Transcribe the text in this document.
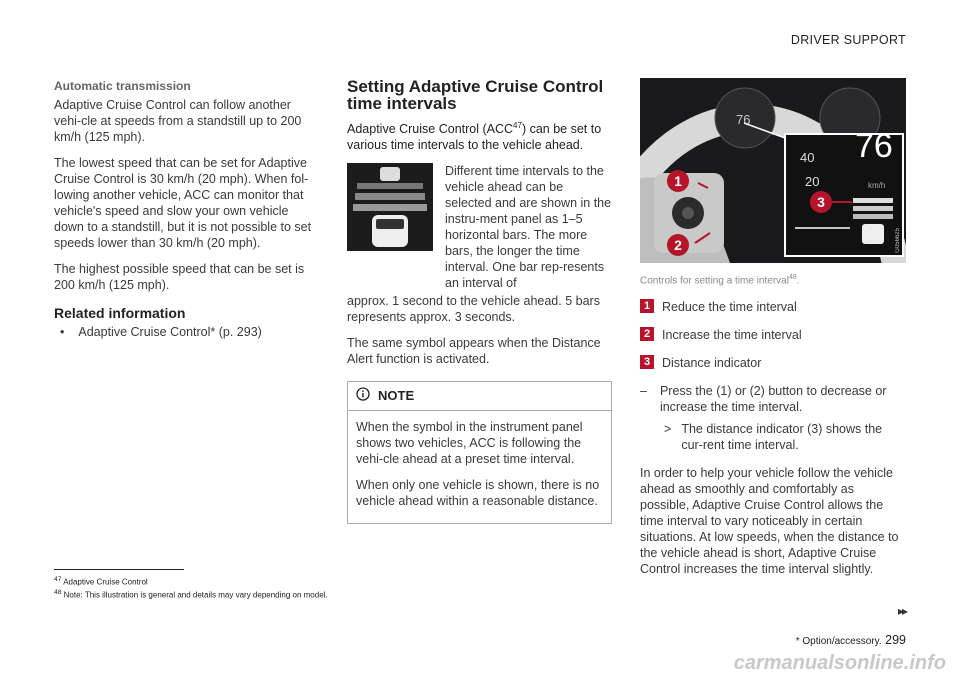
DRIVER SUPPORT
Automatic transmission

Adaptive Cruise Control can follow another vehi-cle at speeds from a standstill up to 200 km/h (125 mph).

The lowest speed that can be set for Adaptive Cruise Control is 30 km/h (20 mph). When fol-lowing another vehicle, ACC can monitor that vehicle's speed and slow your own vehicle down to a standstill, but it is not possible to set speeds lower than 30 km/h (20 mph).

The highest possible speed that can be set is 200 km/h (125 mph).

Related information
• Adaptive Cruise Control* (p. 293)
Setting Adaptive Cruise Control time intervals

Adaptive Cruise Control (ACC$^{47}$) can be set to various time intervals to the vehicle ahead.

Different time intervals to the vehicle ahead can be selected and are shown in the instru-ment panel as 1–5 horizontal bars. The more bars, the longer the time interval. One bar rep-resents an interval of

approx. 1 second to the vehicle ahead. 5 bars represents approx. 3 seconds.

The same symbol appears when the Distance Alert function is activated.

NOTE

When the symbol in the instrument panel shows two vehicles, ACC is following the vehi-cle ahead at a preset time interval.

When only one vehicle is shown, there is no vehicle ahead within a reasonable distance.

1
2
3
76
km/h
40
20
76
G056625

Controls for setting a time interval$^{48}$.

1 Reduce the time interval
2 Increase the time interval
3 Distance indicator
– Press the (1) or (2) button to decrease or increase the time interval.
> The distance indicator (3) shows the cur-rent time interval.

In order to help your vehicle follow the vehicle ahead as smoothly and comfortably as possible, Adaptive Cruise Control allows the time interval to vary noticeably in certain situations. At low speeds, when the distance to the vehicle ahead is short, Adaptive Cruise Control increases the time interval slightly.

$^{47}$ Adaptive Cruise Control
$^{48}$ Note: This illustration is general and details may vary depending on model.
▸▸
* Option/accessory. 299
carmanualsonline.info
